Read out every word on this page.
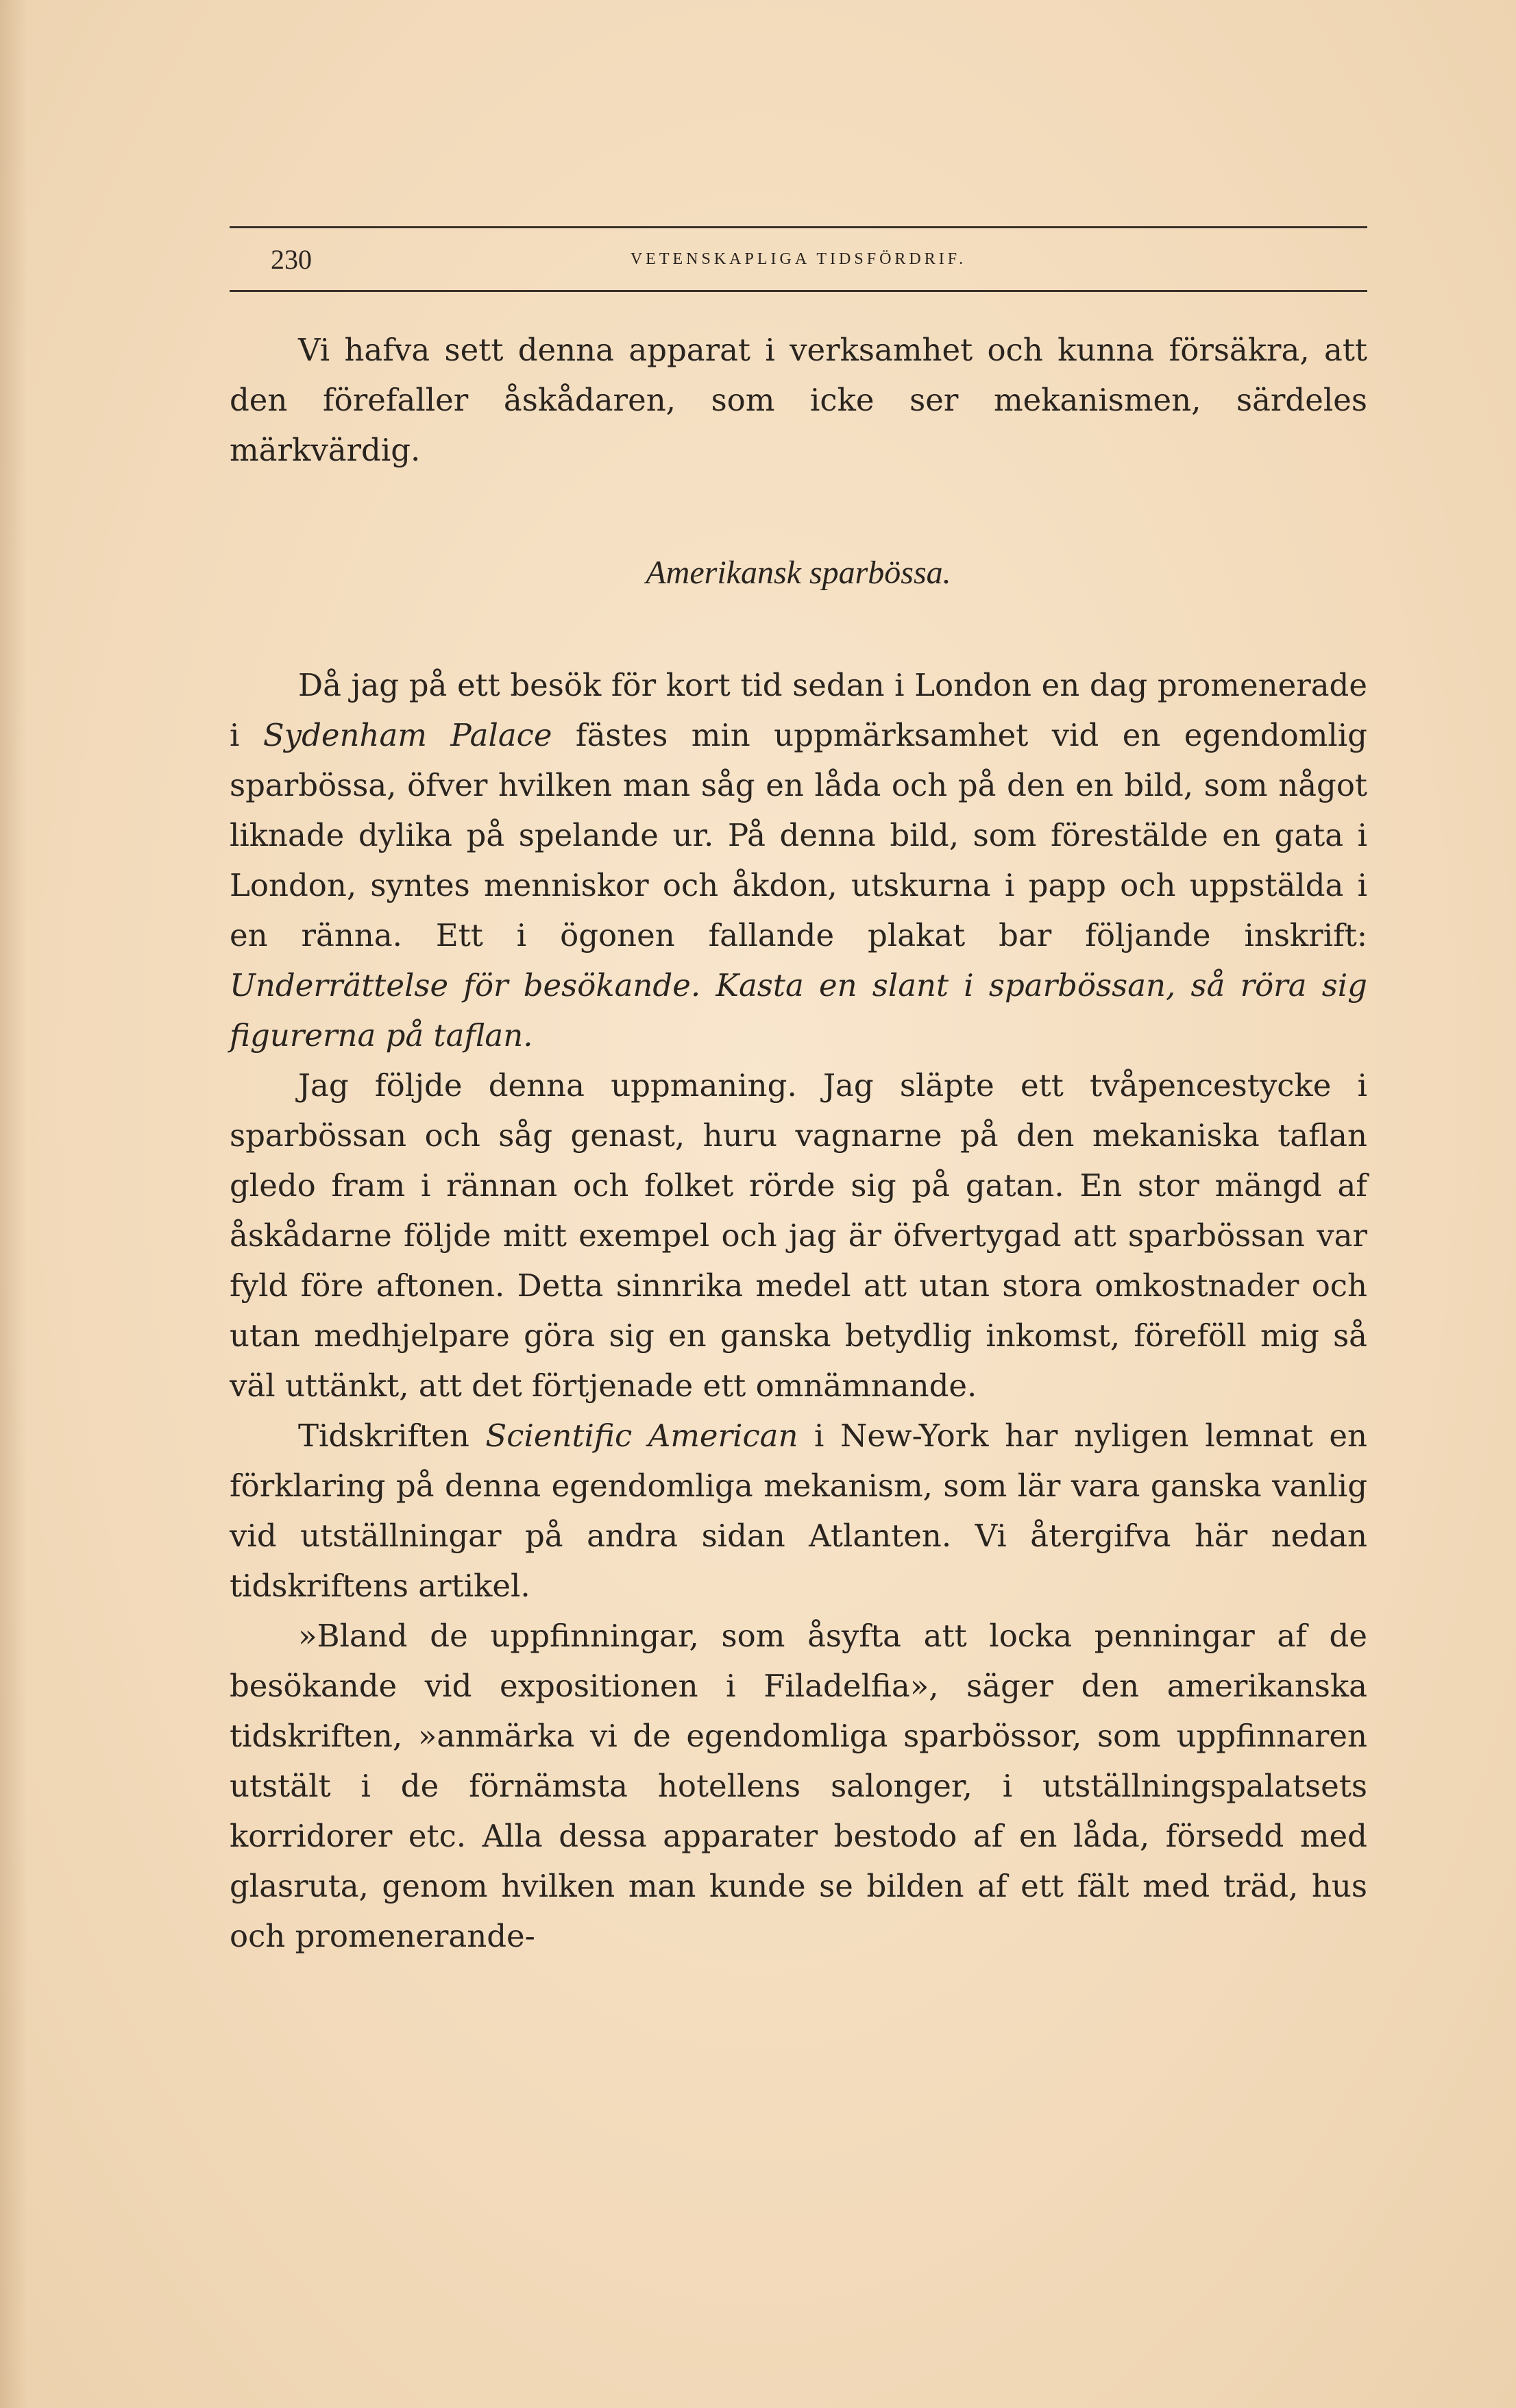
230	VETENSKAPLIGA TIDSFÖRDRIF.

Vi hafva sett denna apparat i verksamhet och kunna försäkra, att den förefaller åskådaren, som icke ser mekanismen, särdeles märkvärdig.

Amerikansk sparbössa.

Då jag på ett besök för kort tid sedan i London en dag promenerade i Sydenham Palace fästes min uppmärksamhet vid en egendomlig sparbössa, öfver hvilken man såg en låda och på den en bild, som något liknade dylika på spelande ur. På denna bild, som förestälde en gata i London, syntes menniskor och åkdon, utskurna i papp och uppstälda i en ränna. Ett i ögonen fallande plakat bar följande inskrift: Underrättelse för besökande. Kasta en slant i sparbössan, så röra sig figurerna på taflan.

Jag följde denna uppmaning. Jag släpte ett tvåpencestycke i sparbössan och såg genast, huru vagnarne på den mekaniska taflan gledo fram i rännan och folket rörde sig på gatan. En stor mängd af åskådarne följde mitt exempel och jag är öfvertygad att sparbössan var fyld före aftonen. Detta sinnrika medel att utan stora omkostnader och utan medhjelpare göra sig en ganska betydlig inkomst, föreföll mig så väl uttänkt, att det förtjenade ett omnämnande.

Tidskriften Scientific American i New-York har nyligen lemnat en förklaring på denna egendomliga mekanism, som lär vara ganska vanlig vid utställningar på andra sidan Atlanten. Vi återgifva här nedan tidskriftens artikel.

»Bland de uppfinningar, som åsyfta att locka penningar af de besökande vid expositionen i Filadelfia», säger den amerikanska tidskriften, »anmärka vi de egendomliga sparbössor, som uppfinnaren utstält i de förnämsta hotellens salonger, i utställningspalatsets korridorer etc. Alla dessa apparater bestodo af en låda, försedd med glasruta, genom hvilken man kunde se bilden af ett fält med träd, hus och promenerande-
